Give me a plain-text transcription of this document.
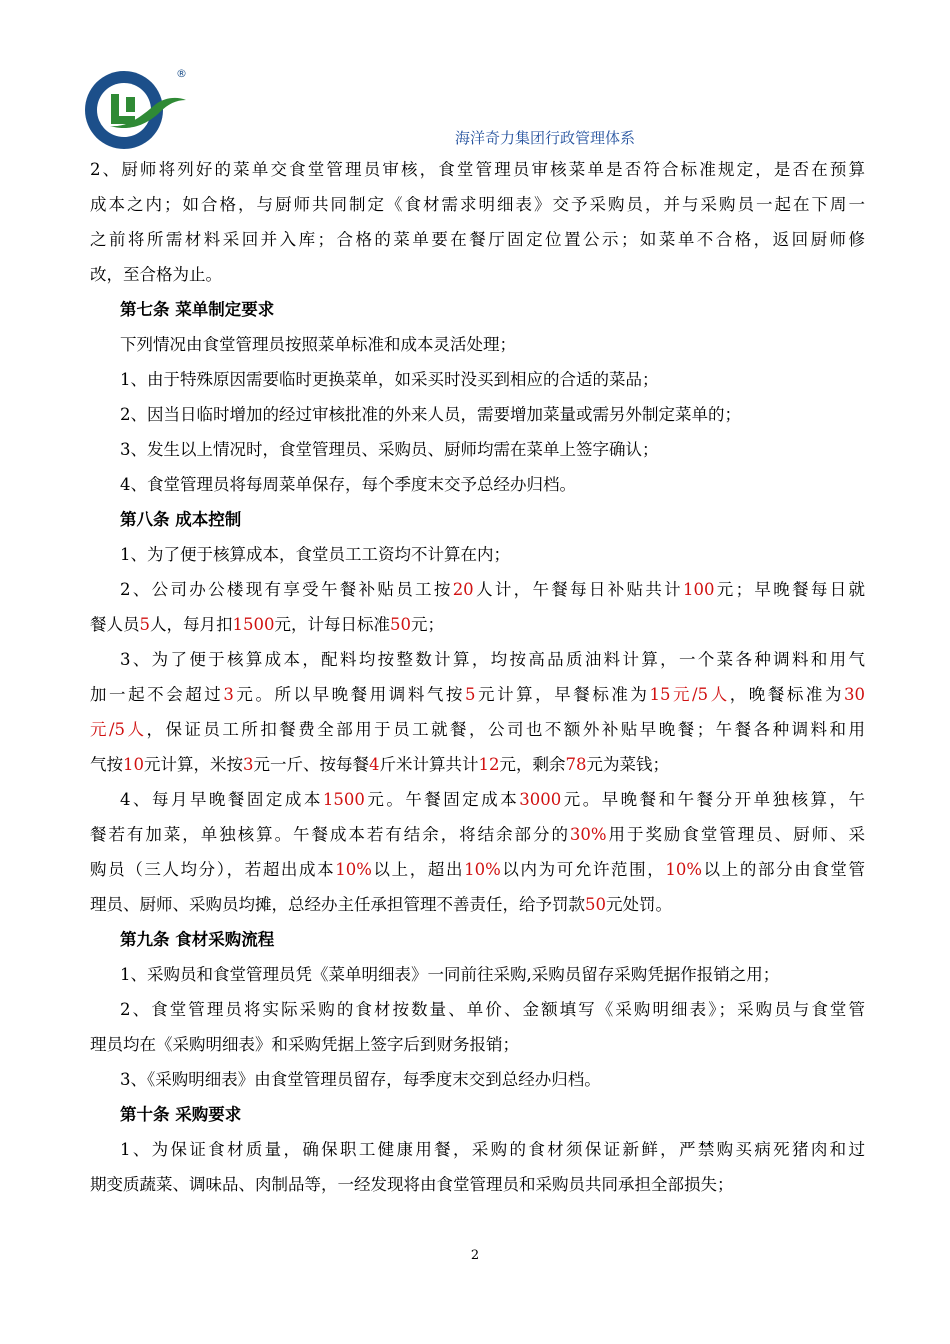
®
海洋奇力集团行政管理体系

2、厨师将列好的菜单交食堂管理员审核，食堂管理员审核菜单是否符合标准规定，是否在预算

成本之内；如合格，与厨师共同制定《食材需求明细表》交予采购员，并与采购员一起在下周一

之前将所需材料采回并入库；合格的菜单要在餐厅固定位置公示；如菜单不合格，返回厨师修

改，至合格为止。

第七条 菜单制定要求

下列情况由食堂管理员按照菜单标准和成本灵活处理；

1、由于特殊原因需要临时更换菜单，如采买时没买到相应的合适的菜品；

2、因当日临时增加的经过审核批准的外来人员，需要增加菜量或需另外制定菜单的；

3、发生以上情况时，食堂管理员、采购员、厨师均需在菜单上签字确认；

4、食堂管理员将每周菜单保存，每个季度末交予总经办归档。

第八条 成本控制

1、为了便于核算成本，食堂员工工资均不计算在内；

2、公司办公楼现有享受午餐补贴员工按20人计，午餐每日补贴共计100元；早晚餐每日就

餐人员5人，每月扣1500元，计每日标准50元；

3、为了便于核算成本，配料均按整数计算，均按高品质油料计算，一个菜各种调料和用气

加一起不会超过3元。所以早晚餐用调料气按5元计算，早餐标准为15元/5人，晚餐标准为30

元/5人，保证员工所扣餐费全部用于员工就餐，公司也不额外补贴早晚餐；午餐各种调料和用

气按10元计算，米按3元一斤、按每餐4斤米计算共计12元，剩余78元为菜钱；

4、每月早晚餐固定成本1500元。午餐固定成本3000元。早晚餐和午餐分开单独核算，午

餐若有加菜，单独核算。午餐成本若有结余，将结余部分的30%用于奖励食堂管理员、厨师、采

购员（三人均分），若超出成本10%以上，超出10%以内为可允许范围，10%以上的部分由食堂管

理员、厨师、采购员均摊，总经办主任承担管理不善责任，给予罚款50元处罚。

第九条 食材采购流程

1、采购员和食堂管理员凭《菜单明细表》一同前往采购,采购员留存采购凭据作报销之用；

2、食堂管理员将实际采购的食材按数量、单价、金额填写《采购明细表》；采购员与食堂管

理员均在《采购明细表》和采购凭据上签字后到财务报销；

3、《采购明细表》由食堂管理员留存，每季度末交到总经办归档。

第十条 采购要求

1、为保证食材质量，确保职工健康用餐，采购的食材须保证新鲜，严禁购买病死猪肉和过

期变质蔬菜、调味品、肉制品等，一经发现将由食堂管理员和采购员共同承担全部损失；

2
